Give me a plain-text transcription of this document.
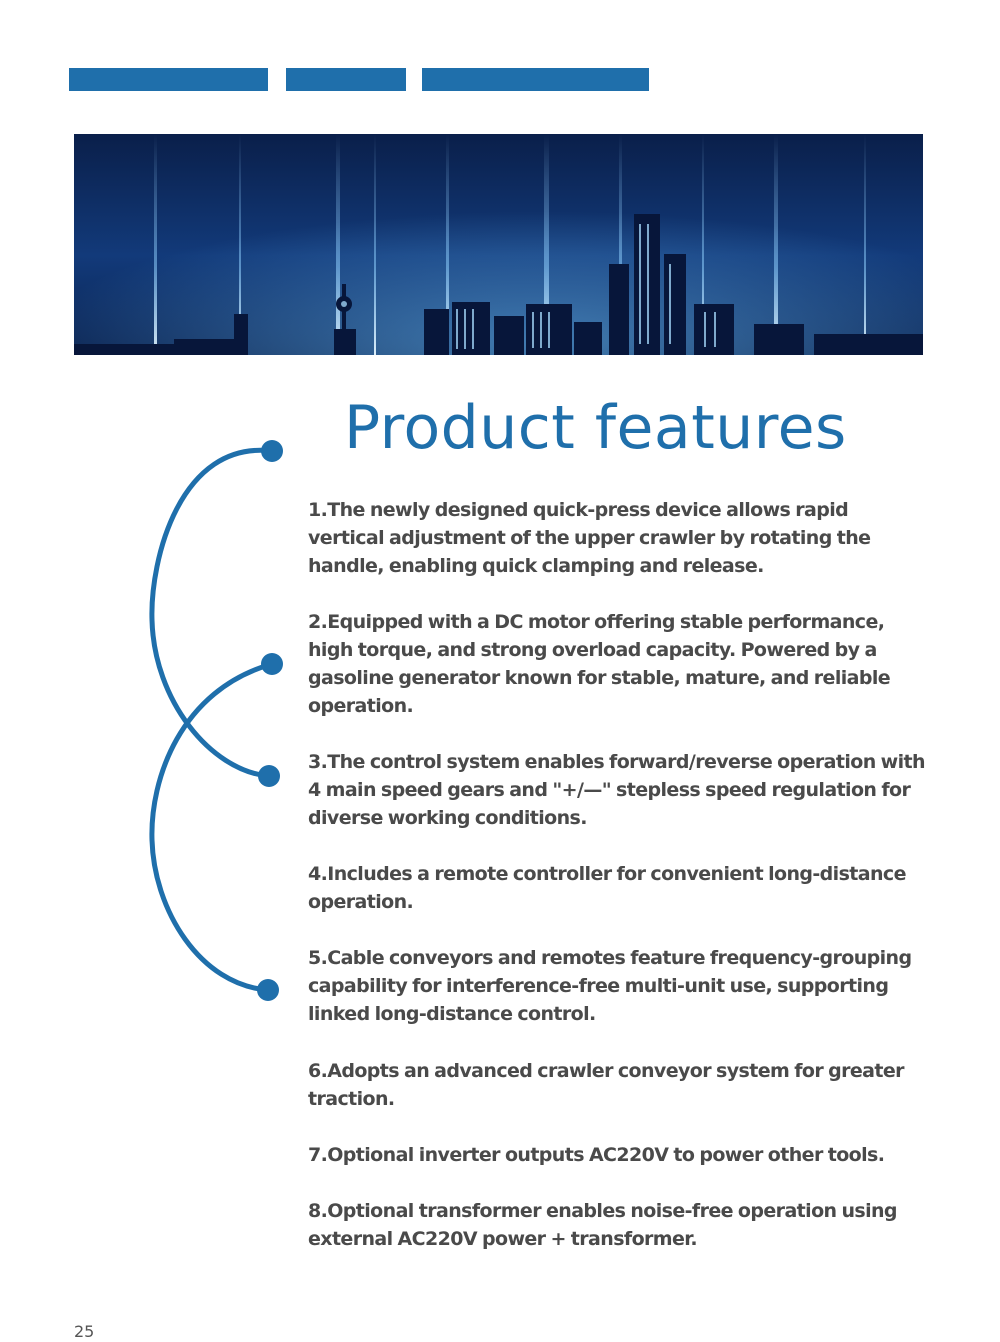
Product features

1.The newly designed quick-press device allows rapid vertical adjustment of the upper crawler by rotating the handle, enabling quick clamping and release.

2.Equipped with a DC motor offering stable performance, high torque, and strong overload capacity. Powered by a gasoline generator known for stable, mature, and reliable operation.

3.The control system enables forward/reverse operation with 4 main speed gears and "+/—" stepless speed regulation for diverse working conditions.

4.Includes a remote controller for convenient long-distance operation.

5.Cable conveyors and remotes feature frequency-grouping capability for interference-free multi-unit use, supporting linked long-distance control.

6.Adopts an advanced crawler conveyor system for greater traction.

7.Optional inverter outputs AC220V to power other tools.

8.Optional transformer enables noise-free operation using external AC220V power + transformer.

25
